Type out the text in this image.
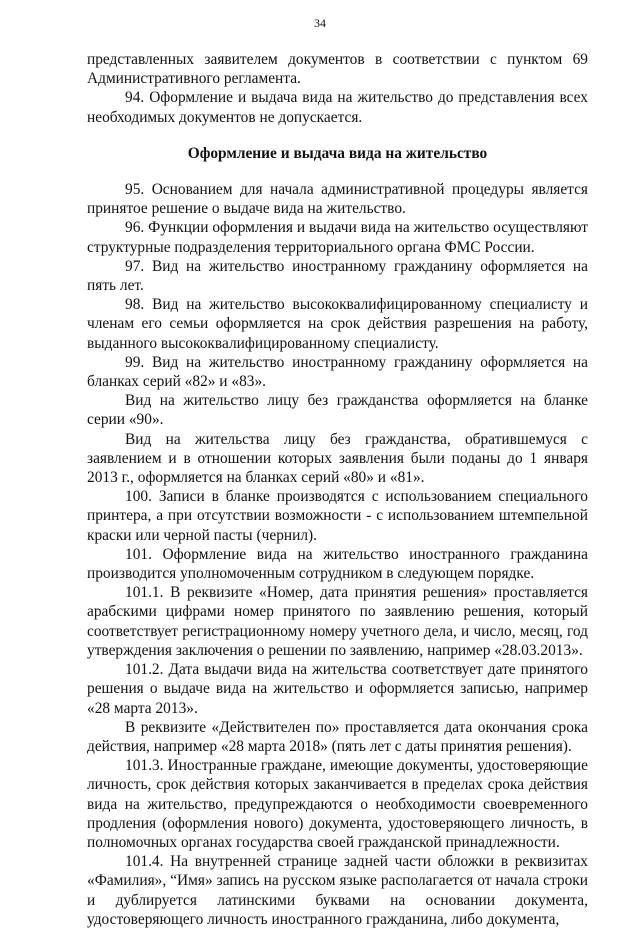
34

представленных заявителем документов в соответствии с пунктом 69 Административного регламента.

94. Оформление и выдача вида на жительство до представления всех необходимых документов не допускается.

Оформление и выдача вида на жительство

95. Основанием для начала административной процедуры является принятое решение о выдаче вида на жительство.

96. Функции оформления и выдачи вида на жительство осуществляют структурные подразделения территориального органа ФМС России.

97. Вид на жительство иностранному гражданину оформляется на пять лет.

98. Вид на жительство высококвалифицированному специалисту и членам его семьи оформляется на срок действия разрешения на работу, выданного высококвалифицированному специалисту.

99. Вид на жительство иностранному гражданину оформляется на бланках серий «82» и «83».

Вид на жительство лицу без гражданства оформляется на бланке серии «90».

Вид на жительства лицу без гражданства, обратившемуся с заявлением и в отношении которых заявления были поданы до 1 января 2013 г., оформляется на бланках серий «80» и «81».

100. Записи в бланке производятся с использованием специального принтера, а при отсутствии возможности - с использованием штемпельной краски или черной пасты (чернил).

101. Оформление вида на жительство иностранного гражданина производится уполномоченным сотрудником в следующем порядке.

101.1. В реквизите «Номер, дата принятия решения» проставляется арабскими цифрами номер принятого по заявлению решения, который соответствует регистрационному номеру учетного дела, и число, месяц, год утверждения заключения о решении по заявлению, например «28.03.2013».

101.2. Дата выдачи вида на жительства соответствует дате принятого решения о выдаче вида на жительство и оформляется записью, например «28 марта 2013».

В реквизите «Действителен по» проставляется дата окончания срока действия, например «28 марта 2018» (пять лет с даты принятия решения).

101.3. Иностранные граждане, имеющие документы, удостоверяющие личность, срок действия которых заканчивается в пределах срока действия вида на жительство, предупреждаются о необходимости своевременного продления (оформления нового) документа, удостоверяющего личность, в полномочных органах государства своей гражданской принадлежности.

101.4. На внутренней странице задней части обложки в реквизитах «Фамилия», “Имя» запись на русском языке располагается от начала строки и дублируется латинскими буквами на основании документа, удостоверяющего личность иностранного гражданина, либо документа,
